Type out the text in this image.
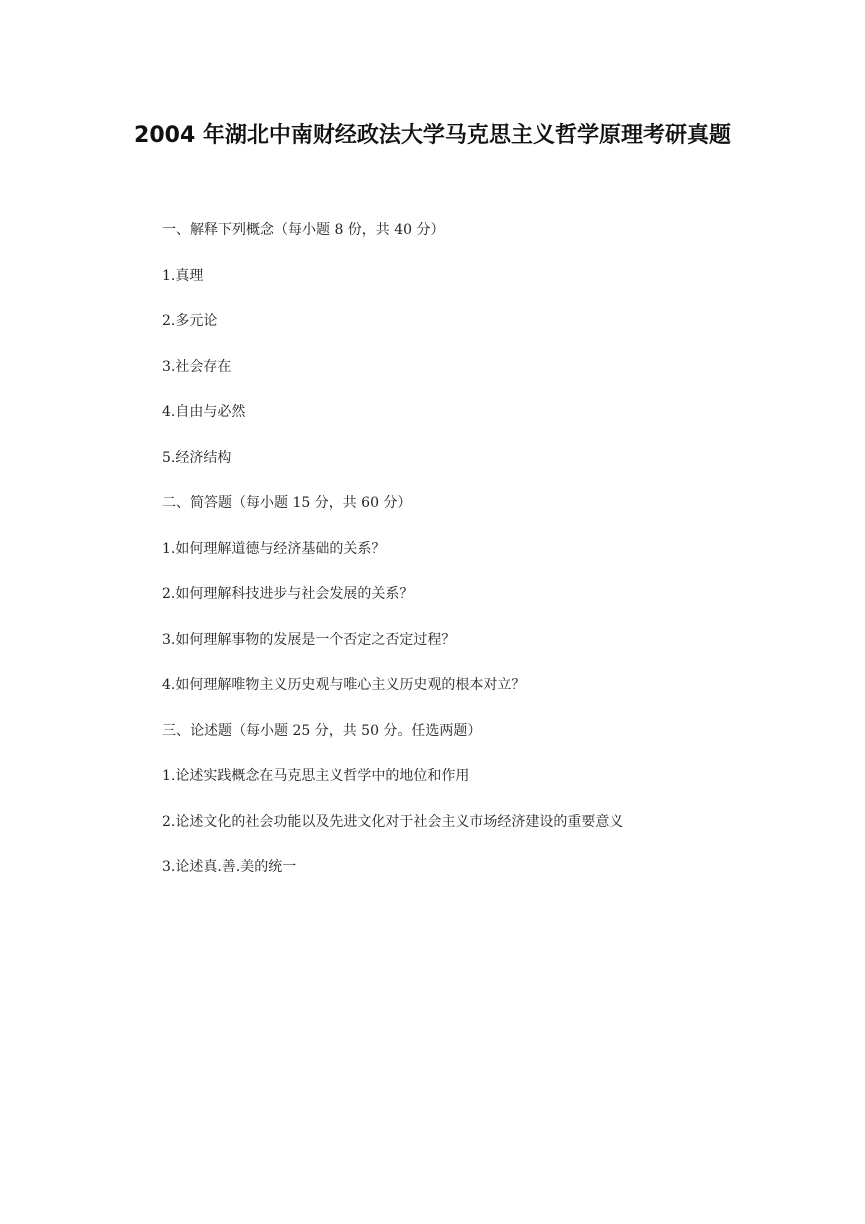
2004 年湖北中南财经政法大学马克思主义哲学原理考研真题
一、解释下列概念（每小题 8 份，共 40 分）
1.真理
2.多元论
3.社会存在
4.自由与必然
5.经济结构
二、简答题（每小题 15 分，共 60 分）
1.如何理解道德与经济基础的关系？
2.如何理解科技进步与社会发展的关系？
3.如何理解事物的发展是一个否定之否定过程？
4.如何理解唯物主义历史观与唯心主义历史观的根本对立？
三、论述题（每小题 25 分，共 50 分。任选两题）
1.论述实践概念在马克思主义哲学中的地位和作用
2.论述文化的社会功能以及先进文化对于社会主义市场经济建设的重要意义
3.论述真.善.美的统一
